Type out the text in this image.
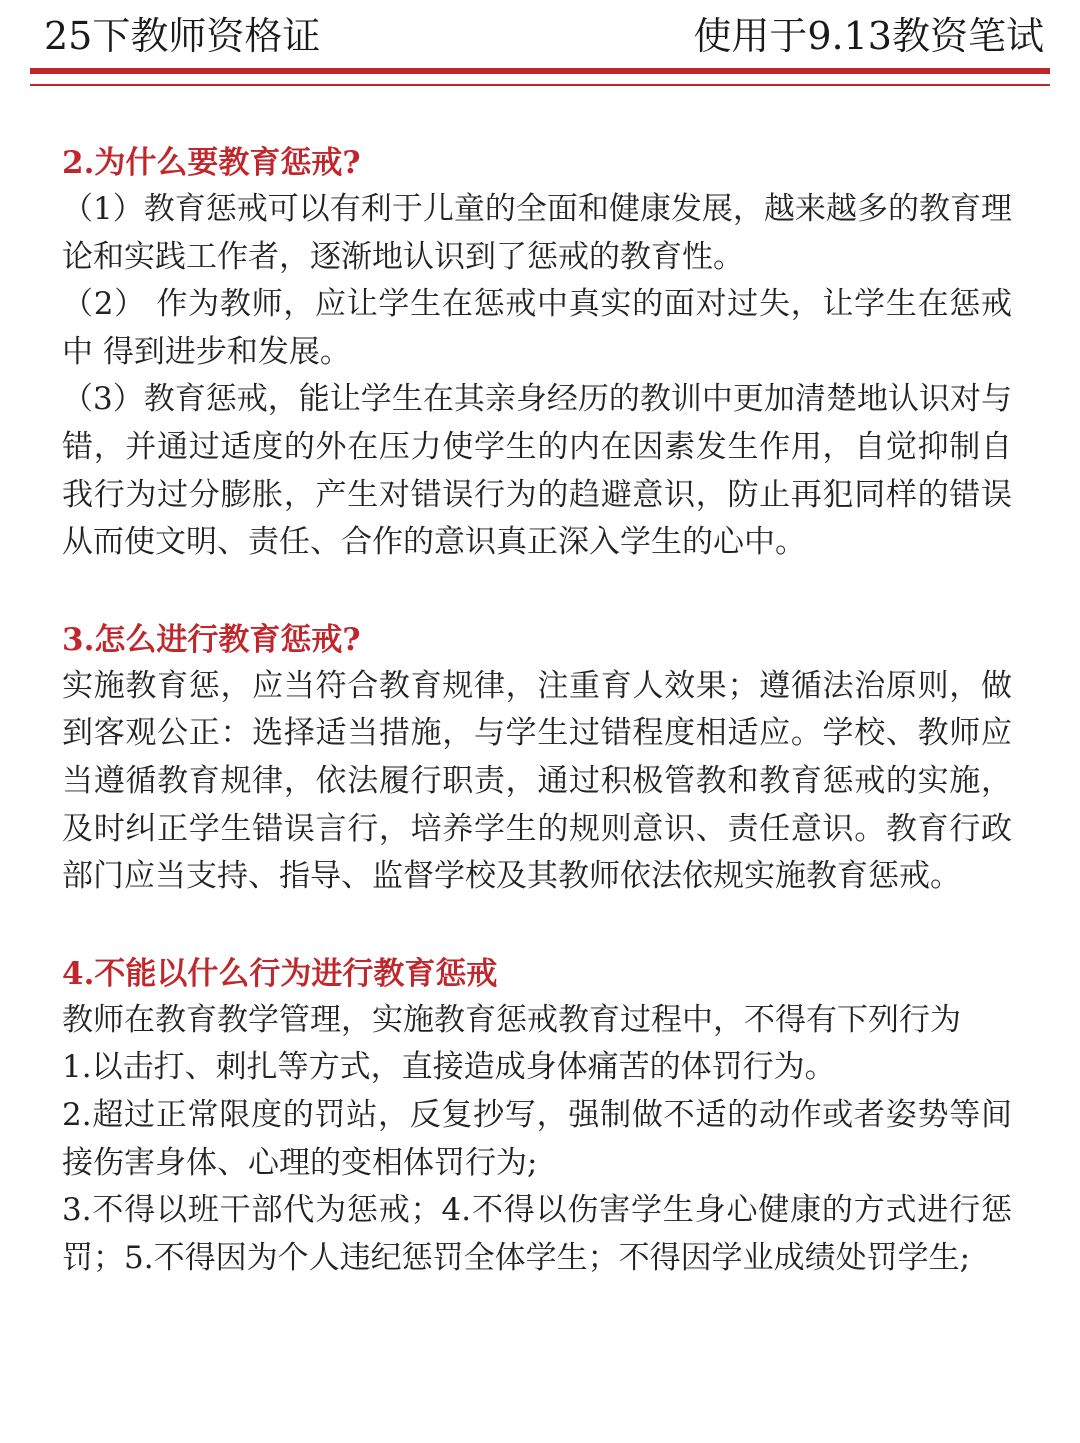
25下教师资格证	使用于9.13教资笔试

2.为什么要教育惩戒?

（1）教育惩戒可以有利于儿童的全面和健康发展，越来越多的教育理 论和实践工作者，逐渐地认识到了惩戒的教育性。

（2） 作为教师，应让学生在惩戒中真实的面对过失，让学生在惩戒中 得到进步和发展。

（3）教育惩戒，能让学生在其亲身经历的教训中更加清楚地认识对与错，并通过适度的外在压力使学生的内在因素发生作用，自觉抑制自我行为过分膨胀，产生对错误行为的趋避意识，防止再犯同样的错误从而使文明、责任、合作的意识真正深入学生的心中。

3.怎么进行教育惩戒?

实施教育惩，应当符合教育规律，注重育人效果；遵循法治原则，做到客观公正：选择适当措施，与学生过错程度相适应。学校、教师应当遵循教育规律，依法履行职责，通过积极管教和教育惩戒的实施，及时纠正学生错误言行，培养学生的规则意识、责任意识。教育行政 部门应当支持、指导、监督学校及其教师依法依规实施教育惩戒。

4.不能以什么行为进行教育惩戒

教师在教育教学管理，实施教育惩戒教育过程中，不得有下列行为

1.以击打、刺扎等方式，直接造成身体痛苦的体罚行为。

2.超过正常限度的罚站，反复抄写，强制做不适的动作或者姿势等间 接伤害身体、心理的变相体罚行为;

3.不得以班干部代为惩戒；4.不得以伤害学生身心健康的方式进行惩罚；5.不得因为个人违纪惩罚全体学生；不得因学业成绩处罚学生;
